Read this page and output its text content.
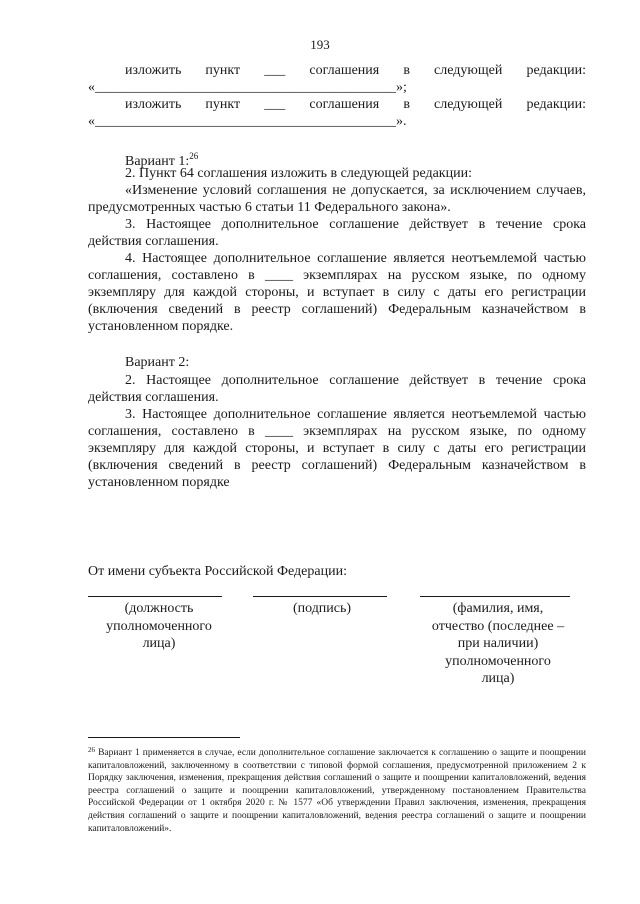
193
изложить пункт ___ соглашения в следующей редакции:
«___________________________________________»;
изложить пункт ___ соглашения в следующей редакции:
«___________________________________________».
Вариант 1:$^{26}$
2. Пункт 64 соглашения изложить в следующей редакции:
«Изменение условий соглашения не допускается, за исключением случаев, предусмотренных частью 6 статьи 11 Федерального закона».
3. Настоящее дополнительное соглашение действует в течение срока действия соглашения.
4. Настоящее дополнительное соглашение является неотъемлемой частью соглашения, составлено в ____ экземплярах на русском языке, по одному экземпляру для каждой стороны, и вступает в силу с даты его регистрации (включения сведений в реестр соглашений) Федеральным казначейством в установленном порядке.
Вариант 2:
2. Настоящее дополнительное соглашение действует в течение срока действия соглашения.
3. Настоящее дополнительное соглашение является неотъемлемой частью соглашения, составлено в ____ экземплярах на русском языке, по одному экземпляру для каждой стороны, и вступает в силу с даты его регистрации (включения сведений в реестр соглашений) Федеральным казначейством в установленном порядке
От имени субъекта Российской Федерации:
(должность уполномоченного лица)
(подпись)	(фамилия, имя, отчество (последнее – при наличии) уполномоченного лица)
$^{26}$ Вариант 1 применяется в случае, если дополнительное соглашение заключается к соглашению о защите и поощрении капиталовложений, заключенному в соответствии с типовой формой соглашения, предусмотренной приложением 2 к Порядку заключения, изменения, прекращения действия соглашений о защите и поощрении капиталовложений, ведения реестра соглашений о защите и поощрении капиталовложений, утвержденному постановлением Правительства Российской Федерации от 1 октября 2020 г. № 1577 «Об утверждении Правил заключения, изменения, прекращения действия соглашений о защите и поощрении капиталовложений, ведения реестра соглашений о защите и поощрении капиталовложений».
